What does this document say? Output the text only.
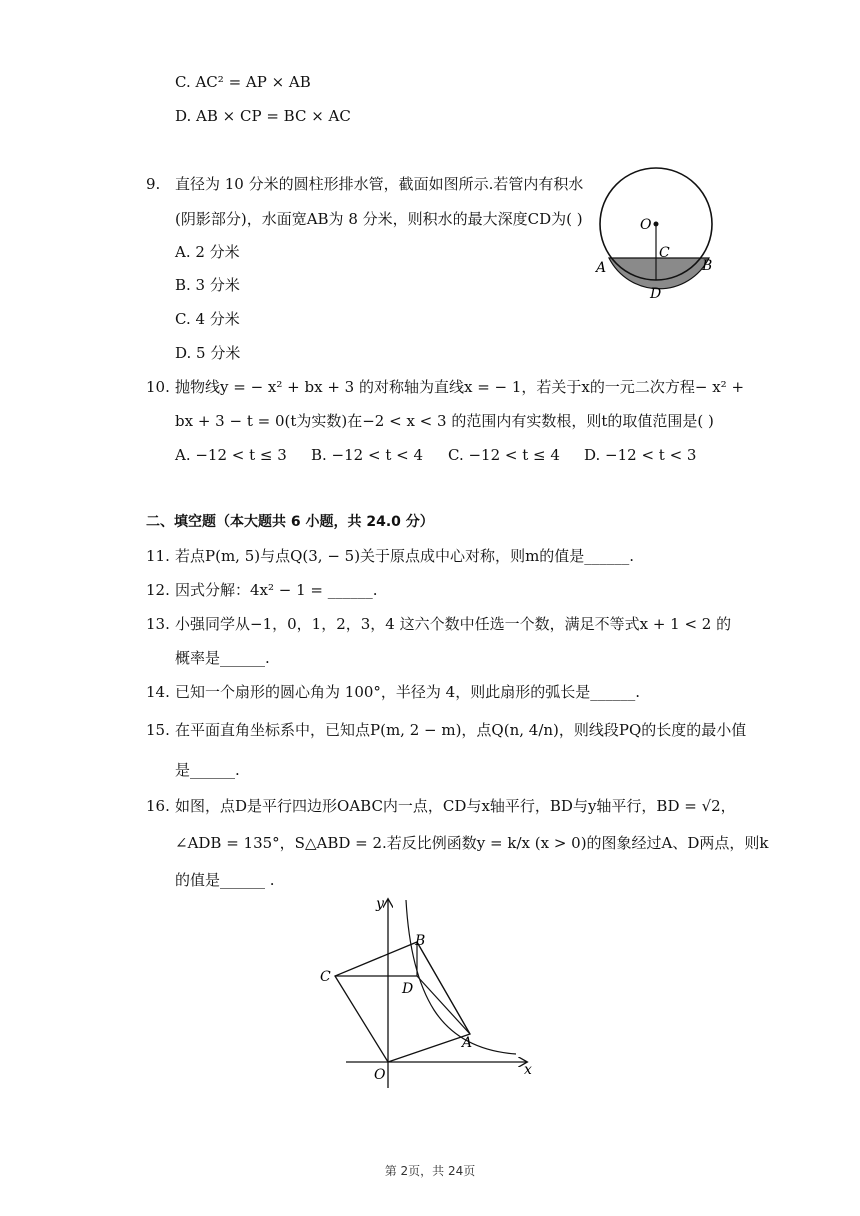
C. AC² = AP × AB
D. AB × CP = BC × AC
9. 直径为 10 分米的圆柱形排水管，截面如图所示.若管内有积水
(阴影部分)，水面宽AB为 8 分米，则积水的最大深度CD为( )
A. 2 分米
B. 3 分米
C. 4 分米
D. 5 分米
O
C
A	B
D
10. 抛物线y = − x² + bx + 3 的对称轴为直线x = − 1，若关于x的一元二次方程− x² +
bx + 3 − t = 0(t为实数)在−2 < x < 3 的范围内有实数根，则t的取值范围是( )
A. −12 < t ≤ 3 B. −12 < t < 4 C. −12 < t ≤ 4 D. −12 < t < 3
二、填空题（本大题共 6 小题，共 24.0 分）
11. 若点P(m, 5)与点Q(3, − 5)关于原点成中心对称，则m的值是______.
12. 因式分解：4x² − 1 = ______.
13. 小强同学从−1，0，1，2，3，4 这六个数中任选一个数，满足不等式x + 1 < 2 的
概率是______.
14. 已知一个扇形的圆心角为 100°，半径为 4，则此扇形的弧长是______.
15. 在平面直角坐标系中，已知点P(m, 2 − m)，点Q(n, 4/n)，则线段PQ的长度的最小值
是______.
16. 如图，点D是平行四边形OABC内一点，CD与x轴平行，BD与y轴平行，BD = √2，
∠ADB = 135°，S△ABD = 2.若反比例函数y = k/x (x > 0)的图象经过A、D两点，则k
的值是______ .
y
x
O
A
B
C
D
第 2页，共 24页
